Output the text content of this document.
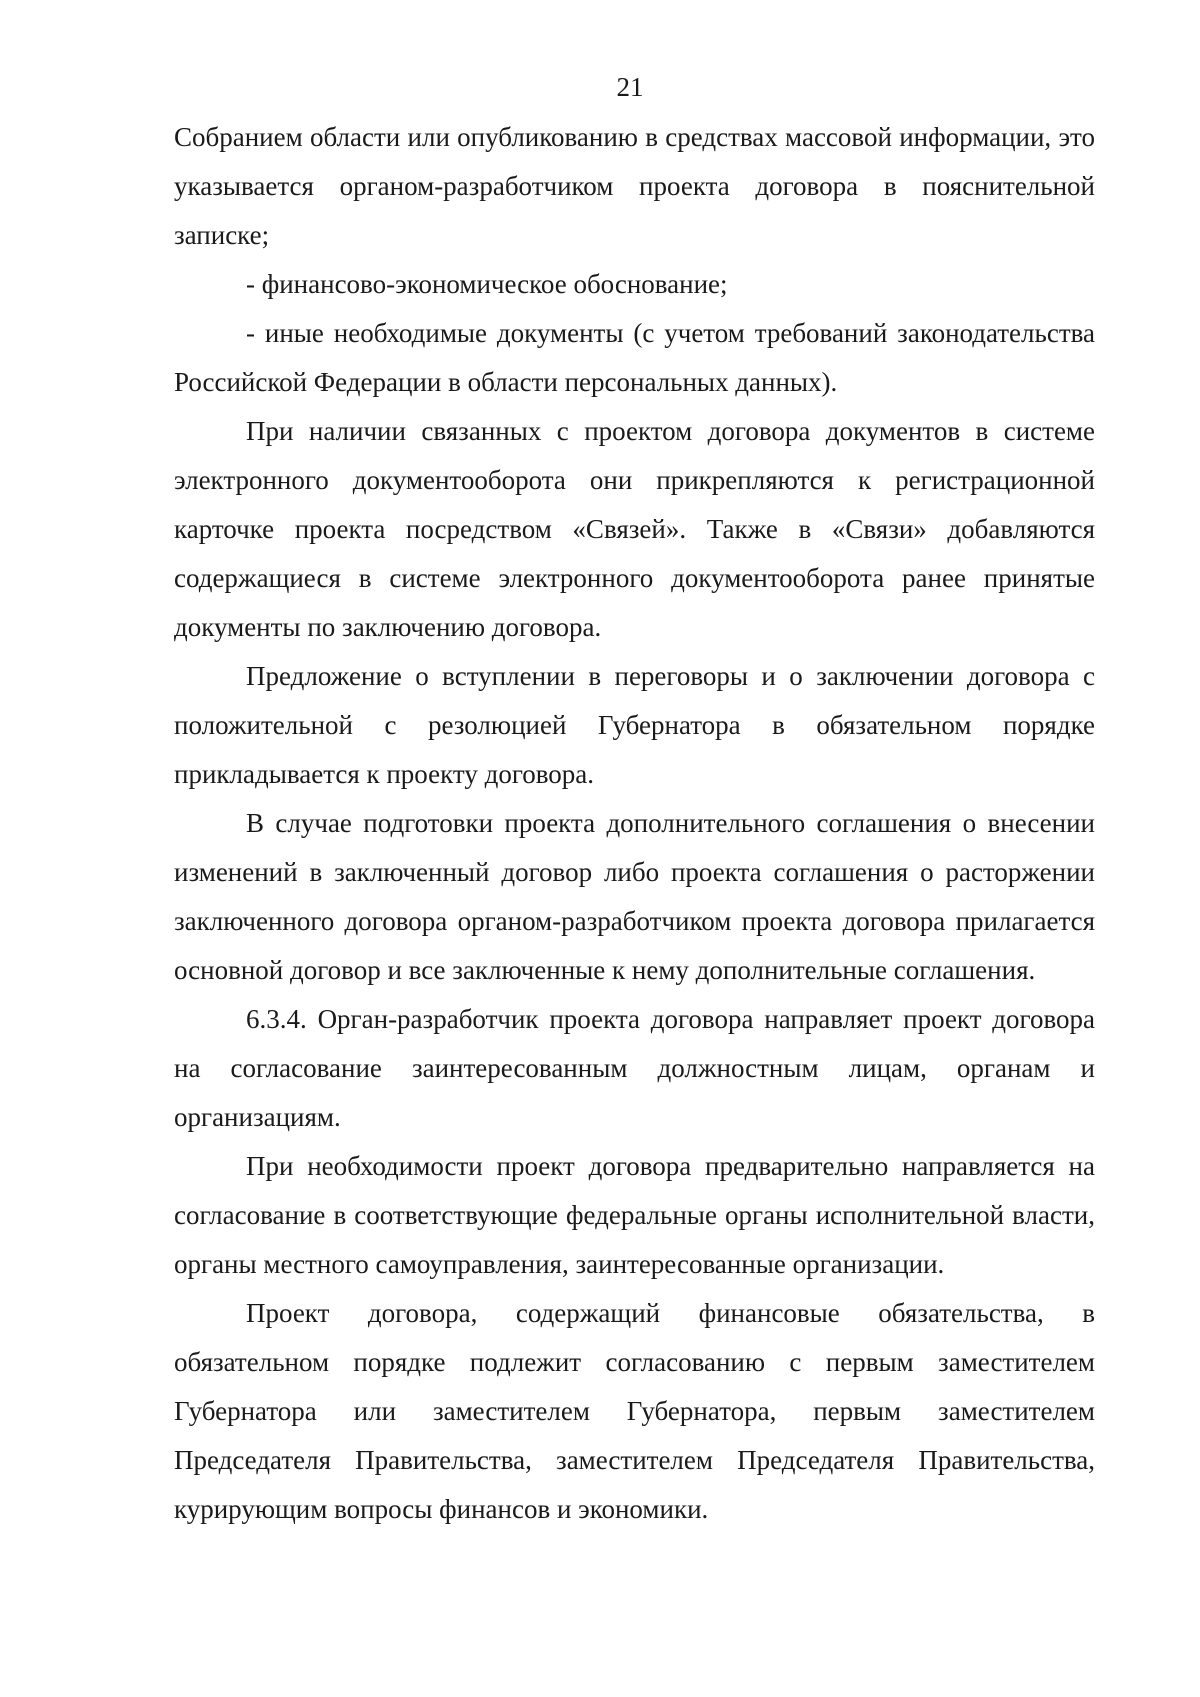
21

Собранием области или опубликованию в средствах массовой информации, это указывается органом-разработчиком проекта договора в пояснительной записке;

- финансово-экономическое обоснование;

- иные необходимые документы (с учетом требований законодательства Российской Федерации в области персональных данных).

При наличии связанных с проектом договора документов в системе электронного документооборота они прикрепляются к регистрационной карточке проекта посредством «Связей». Также в «Связи» добавляются содержащиеся в системе электронного документооборота ранее принятые документы по заключению договора.

Предложение о вступлении в переговоры и о заключении договора с положительной с резолюцией Губернатора в обязательном порядке прикладывается к проекту договора.

В случае подготовки проекта дополнительного соглашения о внесении изменений в заключенный договор либо проекта соглашения о расторжении заключенного договора органом-разработчиком проекта договора прилагается основной договор и все заключенные к нему дополнительные соглашения.

6.3.4. Орган-разработчик проекта договора направляет проект договора на согласование заинтересованным должностным лицам, органам и организациям.

При необходимости проект договора предварительно направляется на согласование в соответствующие федеральные органы исполнительной власти, органы местного самоуправления, заинтересованные организации.

Проект договора, содержащий финансовые обязательства, в обязательном порядке подлежит согласованию с первым заместителем Губернатора или заместителем Губернатора, первым заместителем Председателя Правительства, заместителем Председателя Правительства, курирующим вопросы финансов и экономики.
